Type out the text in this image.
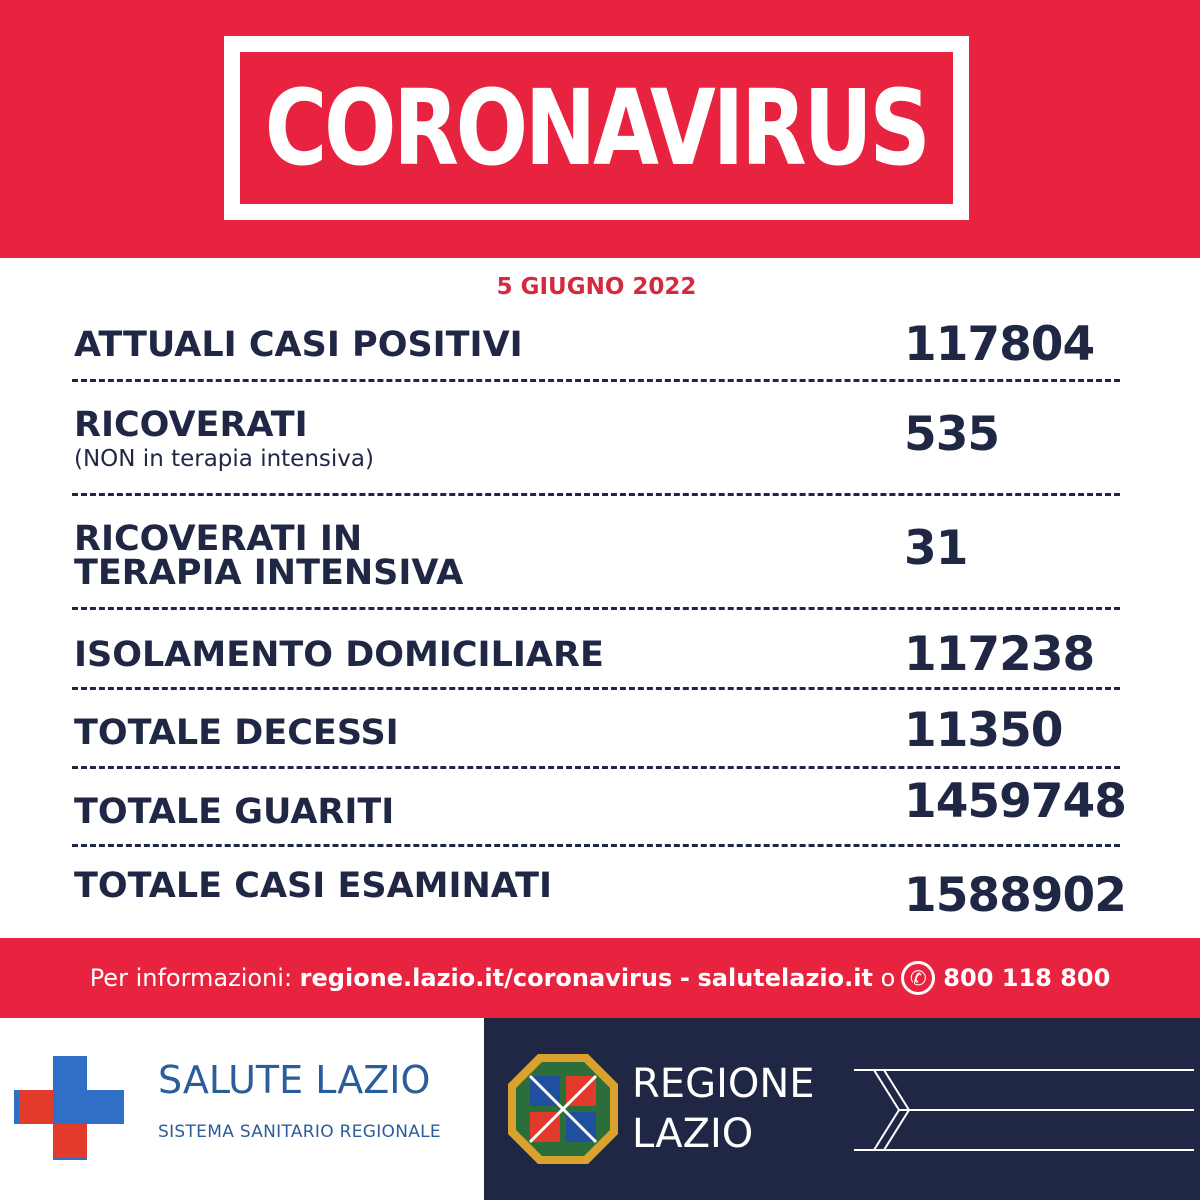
CORONAVIRUS
5 GIUGNO 2022
ATTUALI CASI POSITIVI	117804
RICOVERATI
(NON in terapia intensiva)	535
RICOVERATI IN
TERAPIA INTENSIVA	31
ISOLAMENTO DOMICILIARE	117238
TOTALE DECESSI	11350
TOTALE GUARITI	1459748
TOTALE CASI ESAMINATI	1588902
Per informazioni:
regione.lazio.it/coronavirus
-
salutelazio.it
o ✆ 800 118 800
SALUTE LAZIO
SISTEMA SANITARIO REGIONALE
REGIONE
LAZIO
